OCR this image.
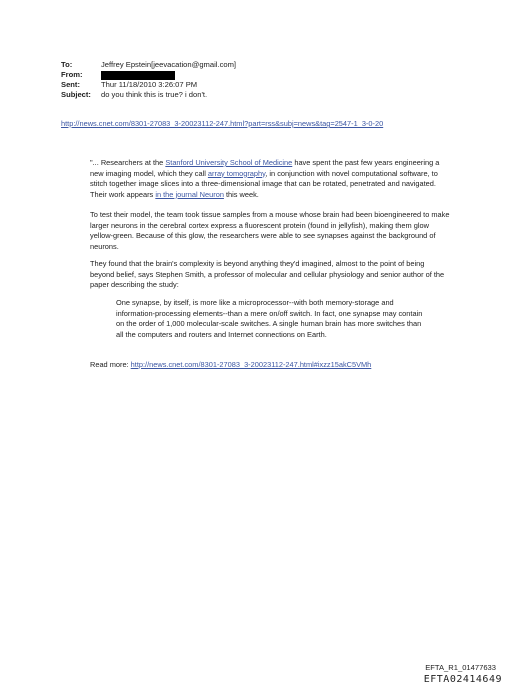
To:	Jeffrey Epstein[jeevacation@gmail.com]
From:
Sent:	Thur 11/18/2010 3:26:07 PM
Subject: do you think this is true? i don't.
http://news.cnet.com/8301-27083_3-20023112-247.html?part=rss&subj=news&tag=2547-1_3-0-20

"... Researchers at the Stanford University School of Medicine have spent the past few years engineering a new imaging model, which they call array tomography, in conjunction with novel computational software, to stitch together image slices into a three-dimensional image that can be rotated, penetrated and navigated. Their work appears in the journal Neuron this week.

To test their model, the team took tissue samples from a mouse whose brain had been bioengineered to make larger neurons in the cerebral cortex express a fluorescent protein (found in jellyfish), making them glow yellow-green. Because of this glow, the researchers were able to see synapses against the background of neurons.

They found that the brain's complexity is beyond anything they'd imagined, almost to the point of being beyond belief, says Stephen Smith, a professor of molecular and cellular physiology and senior author of the paper describing the study:

One synapse, by itself, is more like a microprocessor--with both memory-storage and information-processing elements--than a mere on/off switch. In fact, one synapse may contain on the order of 1,000 molecular-scale switches. A single human brain has more switches than all the computers and routers and Internet connections on Earth.

Read more: http://news.cnet.com/8301-27083_3-20023112-247.html#ixzz15akC5VMh
EFTA_R1_01477633
EFTA02414649
